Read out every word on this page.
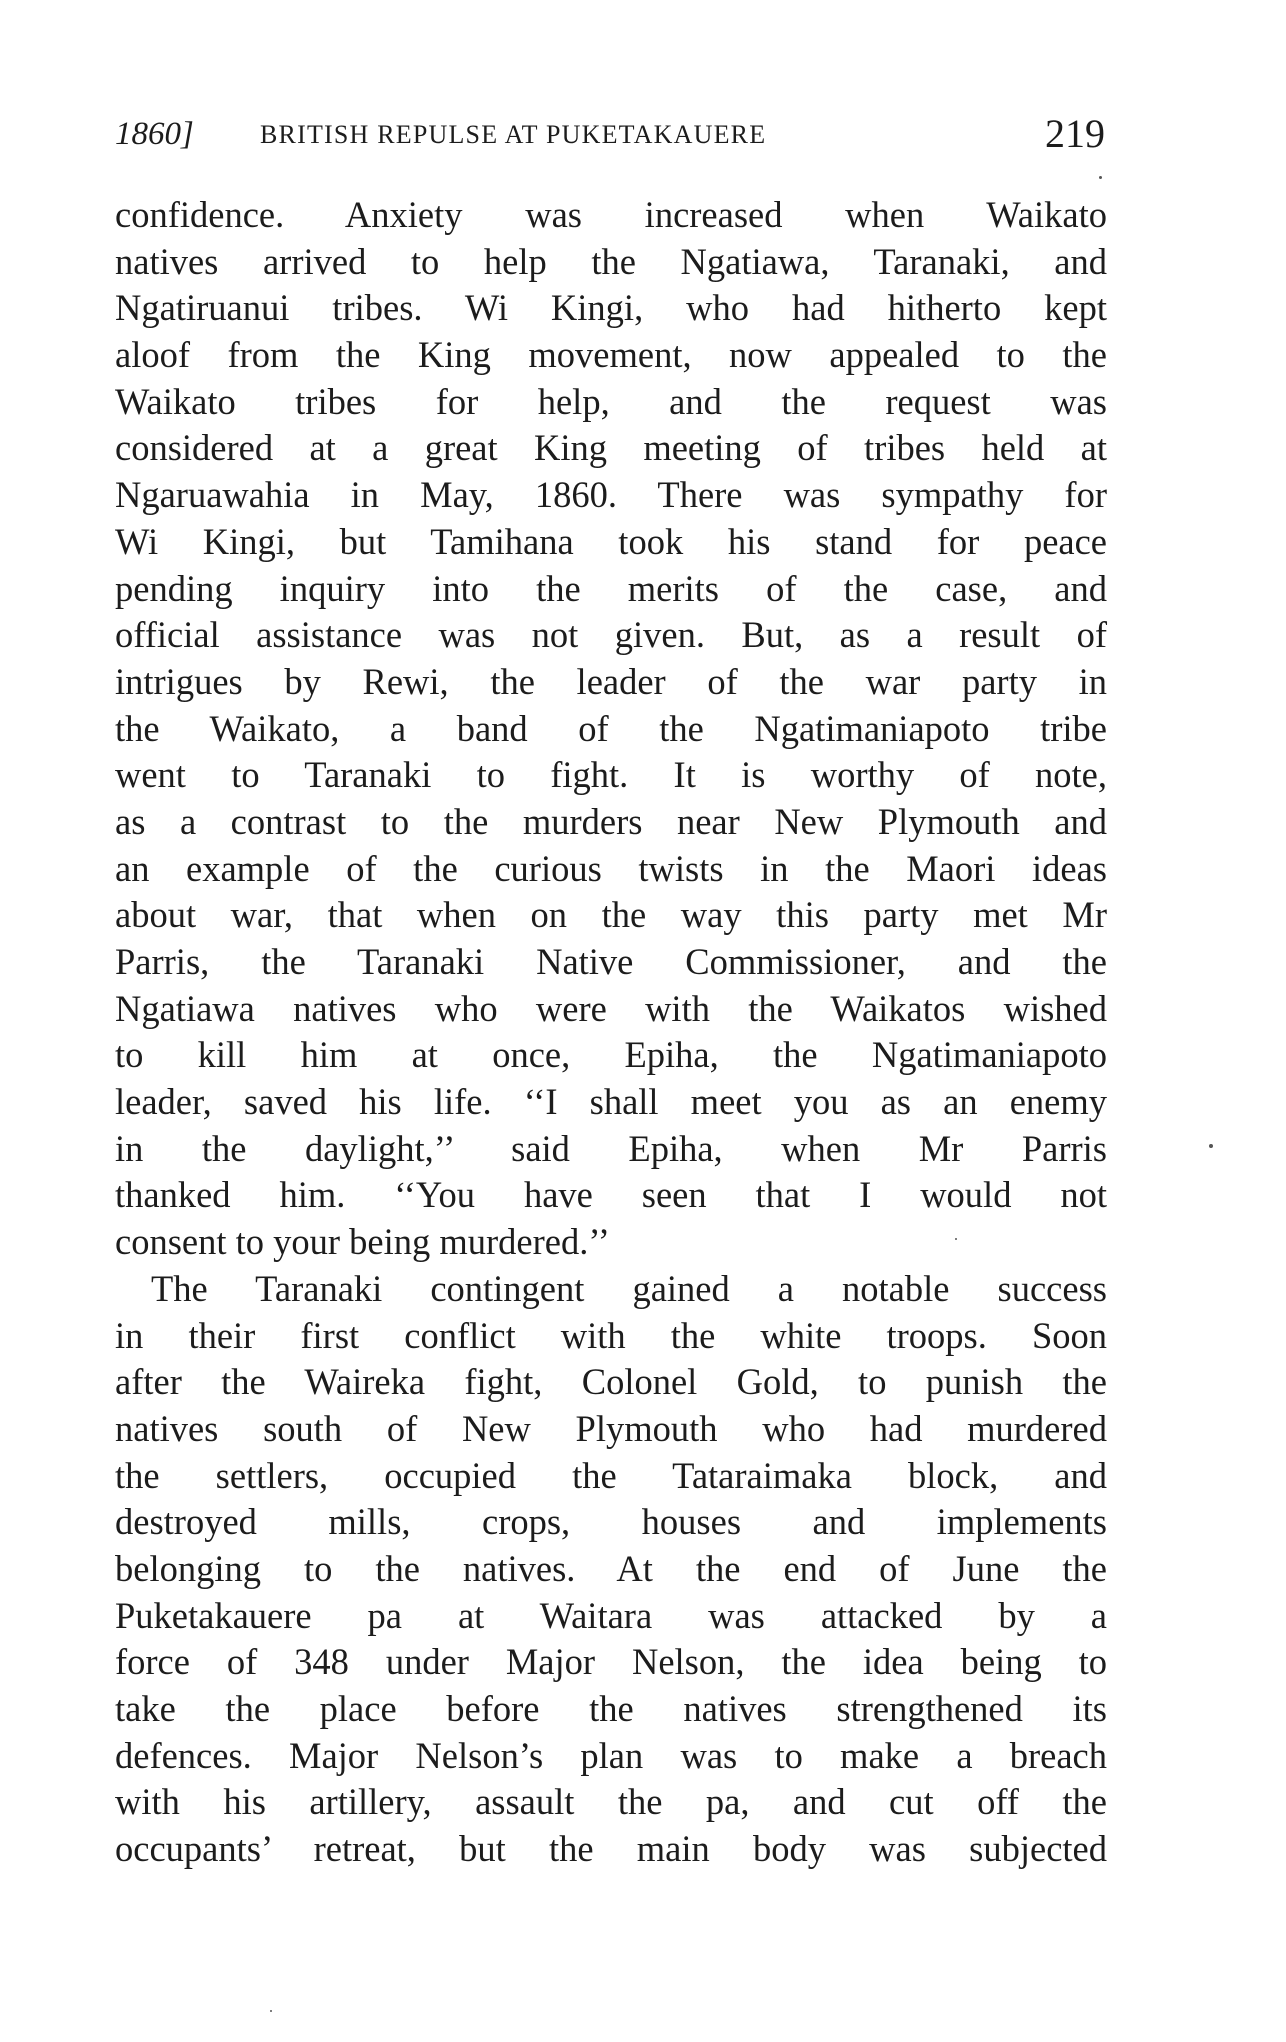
1860]	BRITISH REPULSE AT PUKETAKAUERE	219
confidence. Anxiety was increased when Waikato
natives arrived to help the Ngatiawa, Taranaki, and
Ngatiruanui tribes. Wi Kingi, who had hitherto kept
aloof from the King movement, now appealed to the
Waikato tribes for help, and the request was
considered at a great King meeting of tribes held at
Ngaruawahia in May, 1860. There was sympathy for
Wi Kingi, but Tamihana took his stand for peace
pending inquiry into the merits of the case, and
official assistance was not given. But, as a result of
intrigues by Rewi, the leader of the war party in
the Waikato, a band of the Ngatimaniapoto tribe
went to Taranaki to fight. It is worthy of note,
as a contrast to the murders near New Plymouth and
an example of the curious twists in the Maori ideas
about war, that when on the way this party met Mr
Parris, the Taranaki Native Commissioner, and the
Ngatiawa natives who were with the Waikatos wished
to kill him at once, Epiha, the Ngatimaniapoto
leader, saved his life. ‘‘I shall meet you as an enemy
in the daylight,’’ said Epiha, when Mr Parris
thanked him. ‘‘You have seen that I would not
consent to your being murdered.’’
The Taranaki contingent gained a notable success
in their first conflict with the white troops. Soon
after the Waireka fight, Colonel Gold, to punish the
natives south of New Plymouth who had murdered
the settlers, occupied the Tataraimaka block, and
destroyed mills, crops, houses and implements
belonging to the natives. At the end of June the
Puketakauere pa at Waitara was attacked by a
force of 348 under Major Nelson, the idea being to
take the place before the natives strengthened its
defences. Major Nelson’s plan was to make a breach
with his artillery, assault the pa, and cut off the
occupants’ retreat, but the main body was subjected
